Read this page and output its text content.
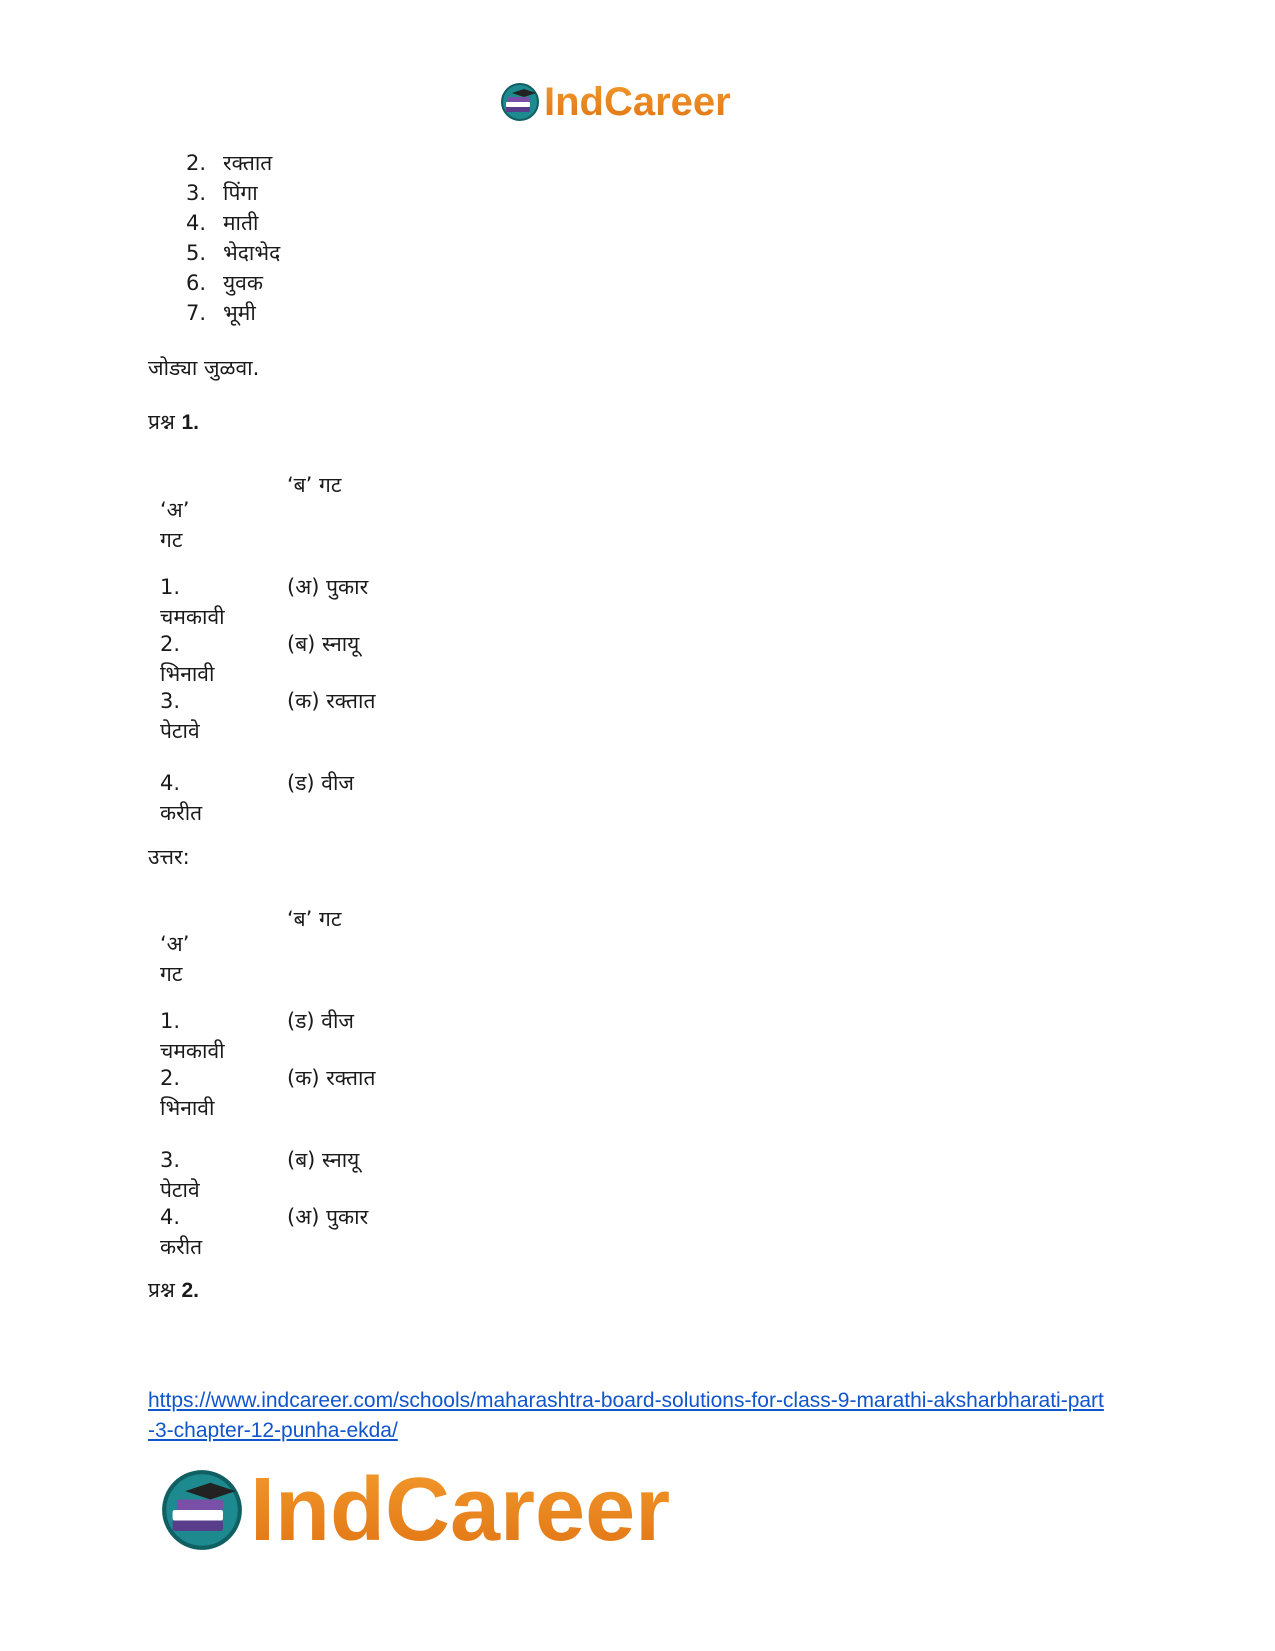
IndCareer
2. रक्तात
3. पिंगा
4. माती
5. भेदाभेद
6. युवक
7. भूमी
जोड्या जुळवा.
प्रश्न 1.
‘ब’ गट
‘अ’ गट
1. चमकावी
(अ) पुकार
2. भिनावी
(ब) स्नायू
3. पेटावे
(क) रक्तात
4. करीत
(ड) वीज
उत्तर:
‘ब’ गट
‘अ’ गट
1. चमकावी
(ड) वीज
2. भिनावी
(क) रक्तात
3. पेटावे
(ब) स्नायू
4. करीत
(अ) पुकार
प्रश्न 2.
https://www.indcareer.com/schools/maharashtra-board-solutions-for-class-9-marathi-aksharbharati-part-3-chapter-12-punha-ekda/
IndCareer
